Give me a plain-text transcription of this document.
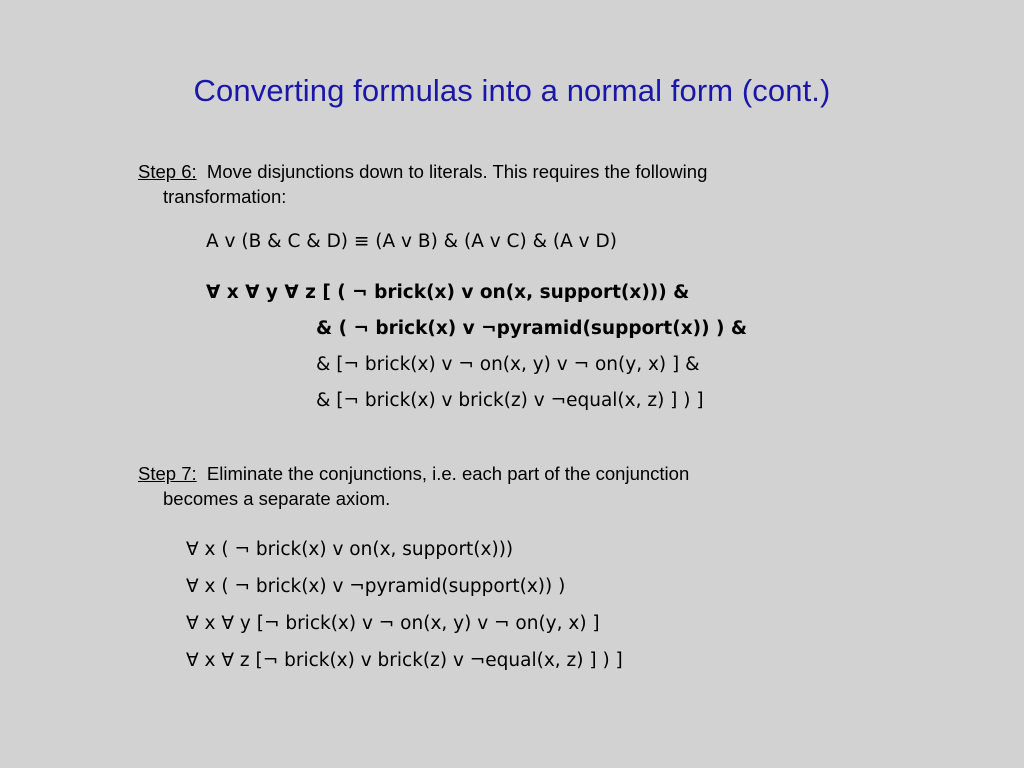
Converting formulas into a normal form (cont.)
Step 6: Move disjunctions down to literals. This requires the following
transformation:
A v (B & C & D) ≡ (A v B) & (A v C) & (A v D)
∀ x ∀ y ∀ z [ ( ¬ brick(x) v on(x, support(x))) &
& ( ¬ brick(x) v ¬pyramid(support(x)) ) &
& [¬ brick(x) v ¬ on(x, y) v ¬ on(y, x) ] &
& [¬ brick(x) v brick(z) v ¬equal(x, z) ] ) ]
Step 7: Eliminate the conjunctions, i.e. each part of the conjunction
becomes a separate axiom.
∀ x ( ¬ brick(x) v on(x, support(x)))
∀ x ( ¬ brick(x) v ¬pyramid(support(x)) )
∀ x ∀ y [¬ brick(x) v ¬ on(x, y) v ¬ on(y, x) ]
∀ x ∀ z [¬ brick(x) v brick(z) v ¬equal(x, z) ] ) ]
